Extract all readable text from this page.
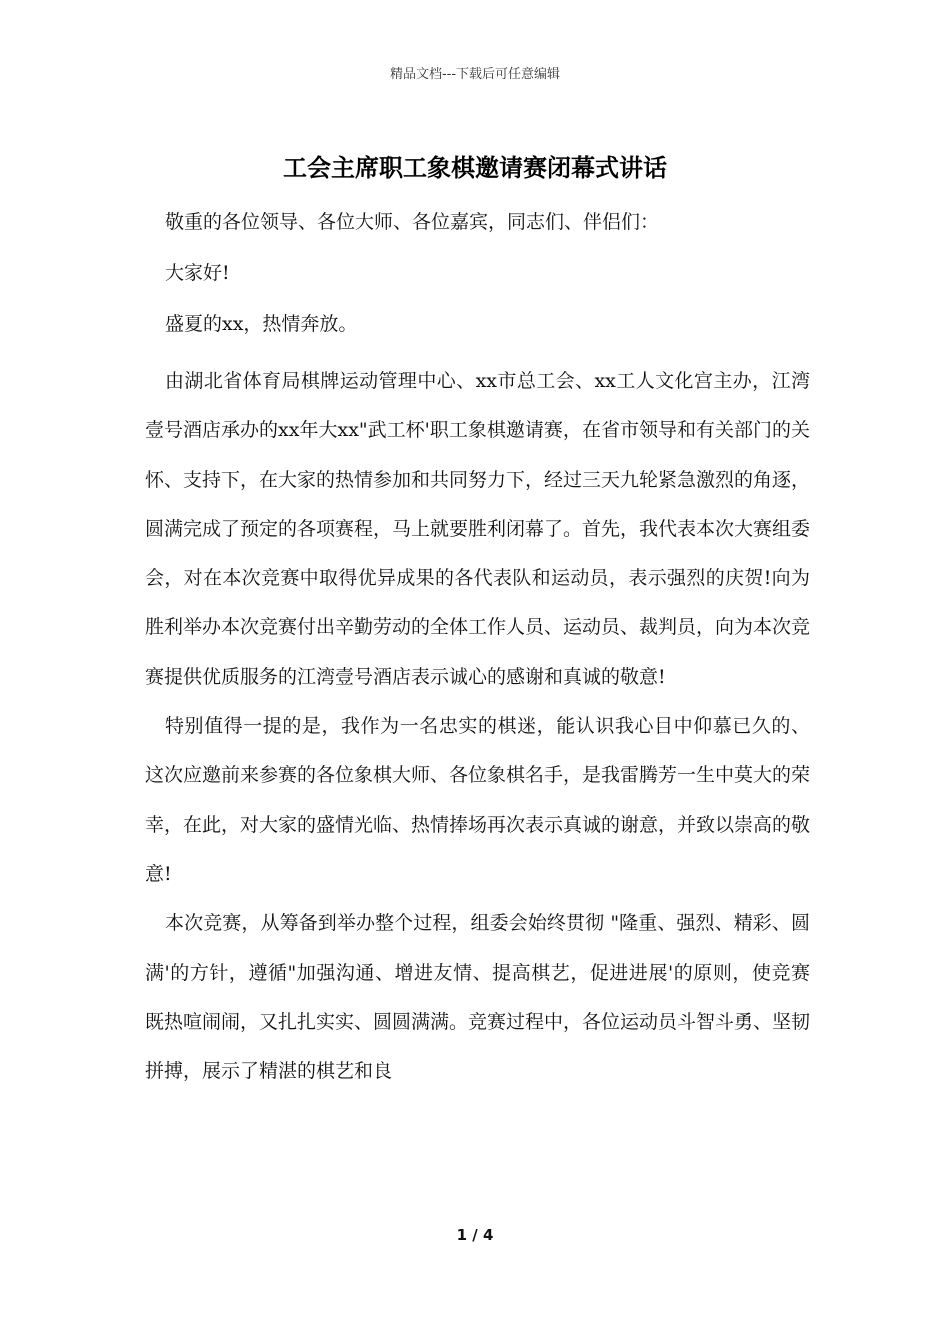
精品文档---下载后可任意编辑
工会主席职工象棋邀请赛闭幕式讲话

敬重的各位领导、各位大师、各位嘉宾，同志们、伴侣们：

大家好!

盛夏的xx，热情奔放。

由湖北省体育局棋牌运动管理中心、xx市总工会、xx工人文化宫主办，江湾壹号酒店承办的xx年大xx"武工杯'职工象棋邀请赛，在省市领导和有关部门的关怀、支持下，在大家的热情参加和共同努力下，经过三天九轮紧急激烈的角逐，圆满完成了预定的各项赛程，马上就要胜利闭幕了。首先，我代表本次大赛组委会，对在本次竞赛中取得优异成果的各代表队和运动员，表示强烈的庆贺!向为胜利举办本次竞赛付出辛勤劳动的全体工作人员、运动员、裁判员，向为本次竞赛提供优质服务的江湾壹号酒店表示诚心的感谢和真诚的敬意!

特别值得一提的是，我作为一名忠实的棋迷，能认识我心目中仰慕已久的、这次应邀前来参赛的各位象棋大师、各位象棋名手，是我雷腾芳一生中莫大的荣幸，在此，对大家的盛情光临、热情捧场再次表示真诚的谢意，并致以崇高的敬意!

本次竞赛，从筹备到举办整个过程，组委会始终贯彻 "隆重、强烈、精彩、圆满'的方针，遵循"加强沟通、增进友情、提高棋艺，促进进展'的原则，使竞赛既热喧闹闹，又扎扎实实、圆圆满满。竞赛过程中，各位运动员斗智斗勇、坚韧拼搏，展示了精湛的棋艺和良

1 / 4
